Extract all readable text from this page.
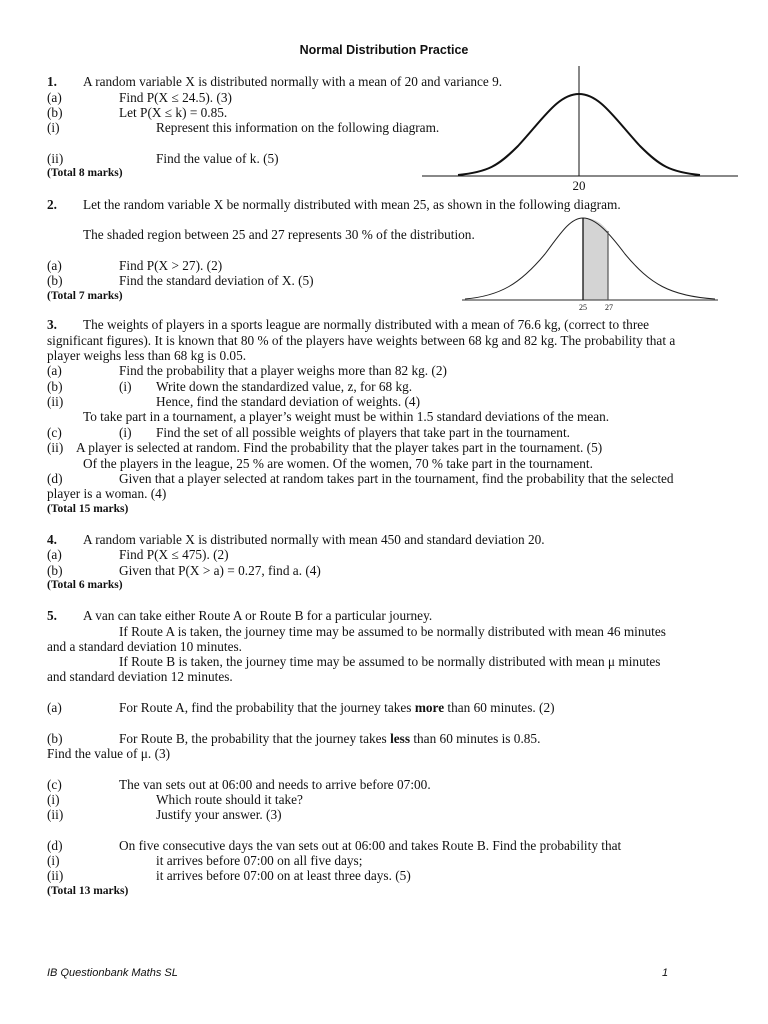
Normal Distribution Practice
1. A random variable X is distributed normally with a mean of 20 and variance 9.
(a)	Find P(X ≤ 24.5). (3)
(b)	Let P(X ≤ k) = 0.85.
(i)	Represent this information on the following diagram.
(ii)	Find the value of k. (5)
(Total 8 marks)
20
2. Let the random variable X be normally distributed with mean 25, as shown in the following diagram.
The shaded region between 25 and 27 represents 30 % of the distribution.
(a)	Find P(X > 27). (2)
(b)	Find the standard deviation of X. (5)
(Total 7 marks)
25 27
3. The weights of players in a sports league are normally distributed with a mean of 76.6 kg, (correct to three
significant figures). It is known that 80 % of the players have weights between 68 kg and 82 kg. The probability that a
player weighs less than 68 kg is 0.05.
(a)	Find the probability that a player weighs more than 82 kg. (2)
(b)	(i) Write down the standardized value, z, for 68 kg.
(ii)	Hence, find the standard deviation of weights. (4)
To take part in a tournament, a player’s weight must be within 1.5 standard deviations of the mean.
(c)	(i) Find the set of all possible weights of players that take part in the tournament.
(ii) A player is selected at random. Find the probability that the player takes part in the tournament. (5)
Of the players in the league, 25 % are women. Of the women, 70 % take part in the tournament.
(d)	Given that a player selected at random takes part in the tournament, find the probability that the selected
player is a woman. (4)
(Total 15 marks)
4. A random variable X is distributed normally with mean 450 and standard deviation 20.
(a)	Find P(X ≤ 475). (2)
(b)	Given that P(X > a) = 0.27, find a. (4)
(Total 6 marks)
5. A van can take either Route A or Route B for a particular journey.
If Route A is taken, the journey time may be assumed to be normally distributed with mean 46 minutes
and a standard deviation 10 minutes.
If Route B is taken, the journey time may be assumed to be normally distributed with mean μ minutes
and standard deviation 12 minutes.
(a)	For Route A, find the probability that the journey takes more than 60 minutes. (2)
(b)	For Route B, the probability that the journey takes less than 60 minutes is 0.85.
Find the value of μ. (3)
(c)	The van sets out at 06:00 and needs to arrive before 07:00.
(i)	Which route should it take?
(ii)	Justify your answer. (3)
(d)	On five consecutive days the van sets out at 06:00 and takes Route B. Find the probability that
(i)	it arrives before 07:00 on all five days;
(ii)	it arrives before 07:00 on at least three days. (5)
(Total 13 marks)
IB Questionbank Maths SL	1
